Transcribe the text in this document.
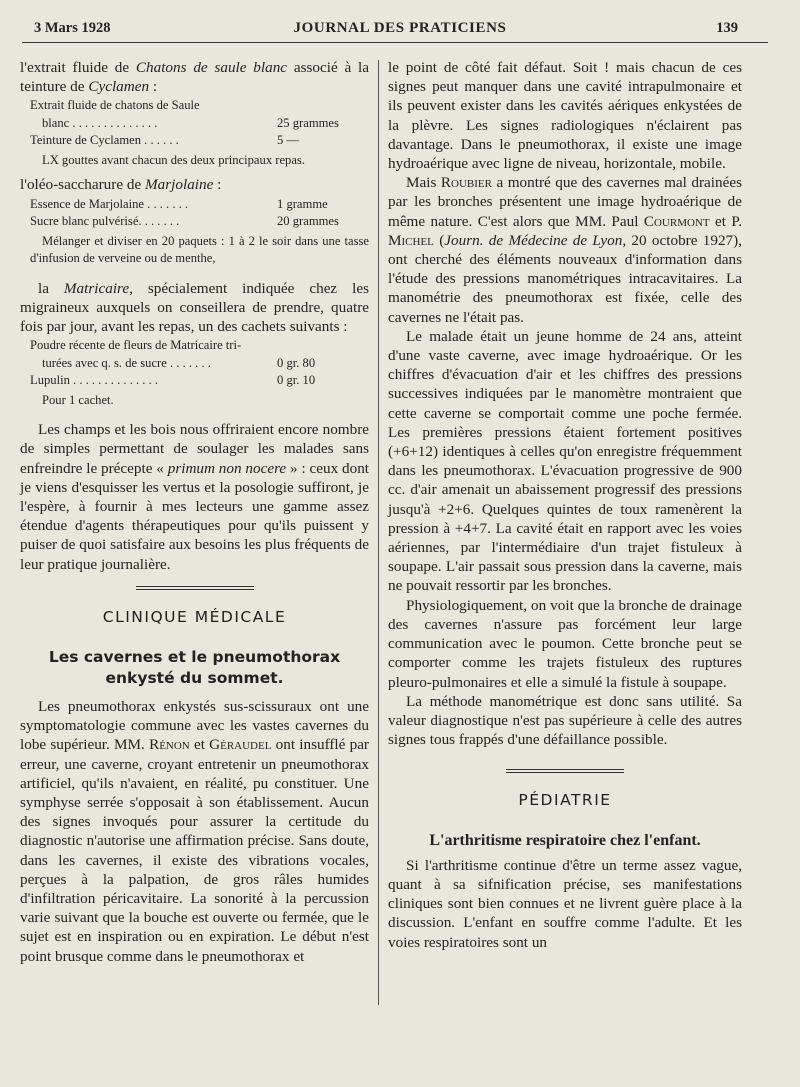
3 Mars 1928	JOURNAL DES PRATICIENS	139

l'extrait fluide de Chatons de saule blanc associé à la teinture de Cyclamen :

Extrait fluide de chatons de Saule
blanc . . . . . . . . . . . . . .	25 grammes
Teinture de Cyclamen . . . . . .	5 —
LX gouttes avant chacun des deux principaux repas.

l'oléo-saccharure de Marjolaine :

Essence de Marjolaine . . . . . . .	1 gramme
Sucre blanc pulvérisé. . . . . . .	20 grammes
Mélanger et diviser en 20 paquets : 1 à 2 le soir dans une tasse d'infusion de verveine ou de menthe,

la Matricaire, spécialement indiquée chez les migraineux auxquels on conseillera de prendre, quatre fois par jour, avant les repas, un des cachets suivants :

Poudre récente de fleurs de Matricaire tri-
turées avec q. s. de sucre . . . . . . .	0 gr. 80
Lupulin . . . . . . . . . . . . . .	0 gr. 10
Pour 1 cachet.

Les champs et les bois nous offriraient encore nombre de simples permettant de soulager les malades sans enfreindre le précepte « primum non nocere » : ceux dont je viens d'esquisser les vertus et la posologie suffiront, je l'espère, à fournir à mes lecteurs une gamme assez étendue d'agents thérapeutiques pour qu'ils puissent y puiser de quoi satisfaire aux besoins les plus fréquents de leur pratique journalière.

CLINIQUE MÉDICALE
Les cavernes et le pneumothorax enkysté du sommet.

Les pneumothorax enkystés sus-scissuraux ont une symptomatologie commune avec les vastes cavernes du lobe supérieur. MM. Rénon et Géraudel ont insufflé par erreur, une caverne, croyant entretenir un pneumothorax artificiel, qu'ils n'avaient, en réalité, pu constituer. Une symphyse serrée s'opposait à son établissement. Aucun des signes invoqués pour assurer la certitude du diagnostic n'autorise une affirmation précise. Sans doute, dans les cavernes, il existe des vibrations vocales, perçues à la palpation, de gros râles humides d'infiltration péricavitaire. La sonorité à la percussion varie suivant que la bouche est ouverte ou fermée, que le sujet est en inspiration ou en expiration. Le début n'est point brusque comme dans le pneumothorax et

le point de côté fait défaut. Soit ! mais chacun de ces signes peut manquer dans une cavité intrapulmonaire et ils peuvent exister dans les cavités aériques enkystées de la plèvre. Les signes radiologiques n'éclairent pas davantage. Dans le pneumothorax, il existe une image hydroaérique avec ligne de niveau, horizontale, mobile.

Mais Roubier a montré que des cavernes mal drainées par les bronches présentent une image hydroaérique de même nature. C'est alors que MM. Paul Courmont et P. Michel (Journ. de Médecine de Lyon, 20 octobre 1927), ont cherché des éléments nouveaux d'information dans l'étude des pressions manométriques intracavitaires. La manométrie des pneumothorax est fixée, celle des cavernes ne l'était pas.

Le malade était un jeune homme de 24 ans, atteint d'une vaste caverne, avec image hydroaérique. Or les chiffres d'évacuation d'air et les chiffres des pressions successives indiquées par le manomètre montraient que cette caverne se comportait comme une poche fermée. Les premières pressions étaient fortement positives (+6+12) identiques à celles qu'on enregistre fréquemment dans les pneumothorax. L'évacuation progressive de 900 cc. d'air amenait un abaissement progressif des pressions jusqu'à +2+6. Quelques quintes de toux ramenèrent la pression à +4+7. La cavité était en rapport avec les voies aériennes, par l'intermédiaire d'un trajet fistuleux à soupape. L'air passait sous pression dans la caverne, mais ne pouvait ressortir par les bronches.

Physiologiquement, on voit que la bronche de drainage des cavernes n'assure pas forcément leur large communication avec le poumon. Cette bronche peut se comporter comme les trajets fistuleux des ruptures pleuro-pulmonaires et elle a simulé la fistule à soupape.

La méthode manométrique est donc sans utilité. Sa valeur diagnostique n'est pas supérieure à celle des autres signes tous frappés d'une défaillance possible.

PÉDIATRIE
L'arthritisme respiratoire chez l'enfant.

Si l'arthritisme continue d'être un terme assez vague, quant à sa sifnification précise, ses manifestations cliniques sont bien connues et ne livrent guère place à la discussion. L'enfant en souffre comme l'adulte. Et les voies respiratoires sont un
